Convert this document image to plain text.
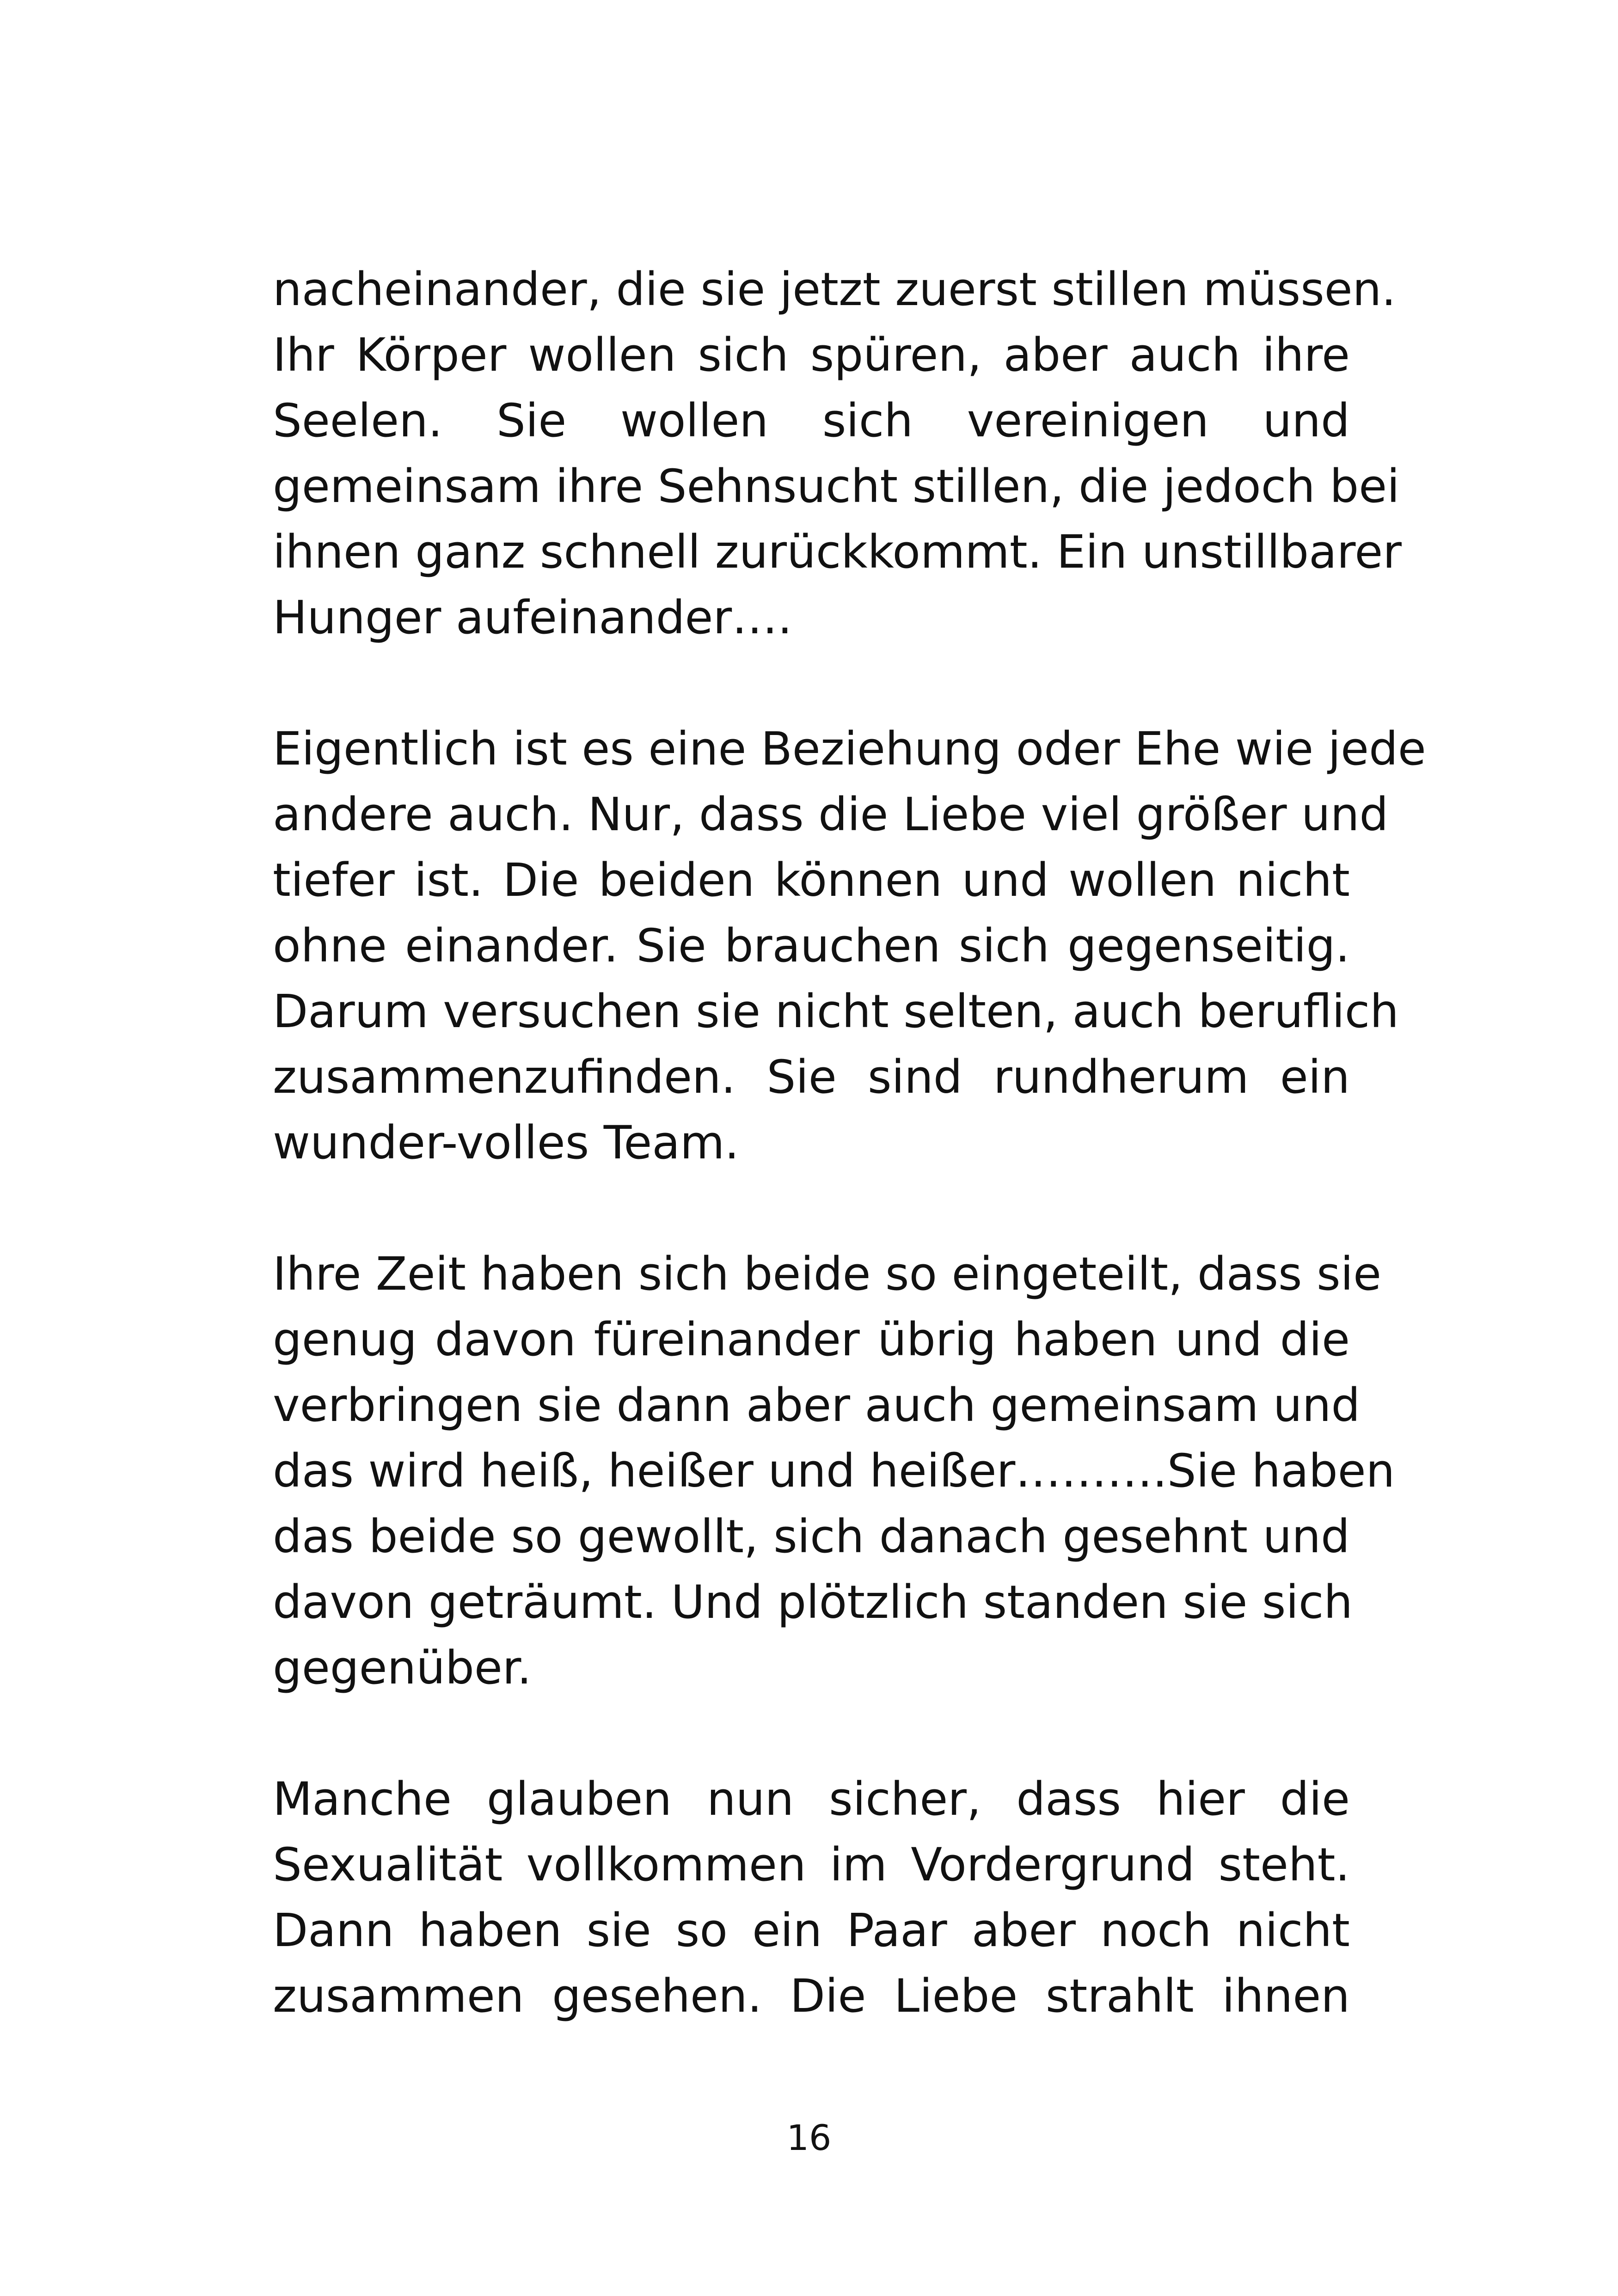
nacheinander, die sie jetzt zuerst stillen müssen.
Ihr Körper wollen sich spüren, aber auch ihre
Seelen. Sie wollen sich vereinigen und
gemeinsam ihre Sehnsucht stillen, die jedoch bei
ihnen ganz schnell zurückkommt. Ein unstillbarer
Hunger aufeinander….
Eigentlich ist es eine Beziehung oder Ehe wie jede
andere auch. Nur, dass die Liebe viel größer und
tiefer ist. Die beiden können und wollen nicht
ohne einander. Sie brauchen sich gegenseitig.
Darum versuchen sie nicht selten, auch beruflich
zusammenzufinden. Sie sind rundherum ein
wunder-volles Team.
Ihre Zeit haben sich beide so eingeteilt, dass sie
genug davon füreinander übrig haben und die
verbringen sie dann aber auch gemeinsam und
das wird heiß, heißer und heißer……….Sie haben
das beide so gewollt, sich danach gesehnt und
davon geträumt. Und plötzlich standen sie sich
gegenüber.
Manche glauben nun sicher, dass hier die
Sexualität vollkommen im Vordergrund steht.
Dann haben sie so ein Paar aber noch nicht
zusammen gesehen. Die Liebe strahlt ihnen
16
